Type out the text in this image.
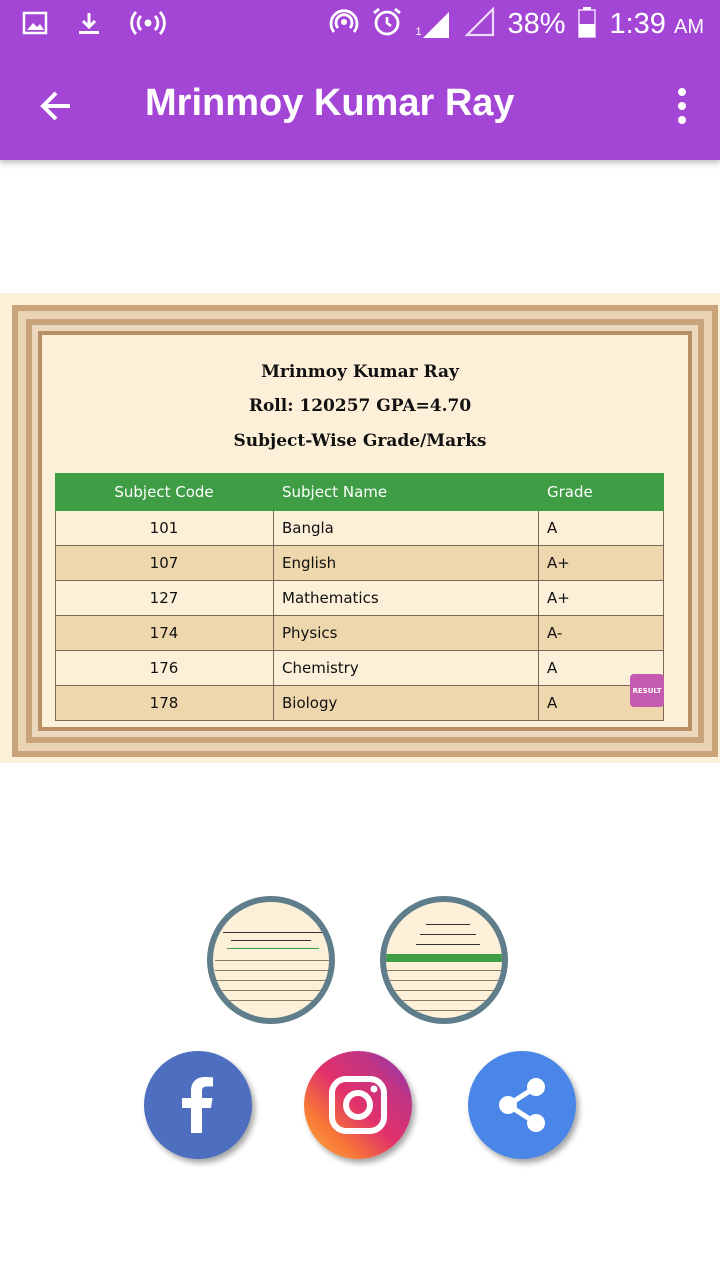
1	38% 1:39 AM
Mrinmoy Kumar Ray
Mrinmoy Kumar Ray
Roll: 120257 GPA=4.70
Subject-Wise Grade/Marks
Subject Code	Subject Name	Grade
101	Bangla	A
107	English	A+
127	Mathematics	A+
174	Physics	A-
176	Chemistry	A
178	Biology	A
RESULT
